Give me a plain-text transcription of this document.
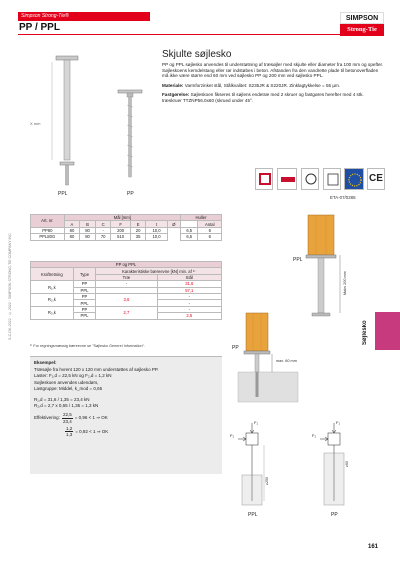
Simpson Strong-Tie®
PP / PPL
SIMPSON
Strong-Tie
X mm
PPL	PP
Skjulte søjlesko

PP og PPL søjlesko anvendes til understøtning af træsøjler med skjulte eller diameter fra 100 mm og opefter. Søjleskoens kerndelstang eller rør indstøbes i beton. Afstanden fra den vandrette plade til betonoverfladen må ikke være større end 60 mm ved søjlesko PP og 200 mm ved søjlesko PPL.

Materiale: Varmforzinket stål, Stålkvalitet: S235JR & S220JR. Zinklagtykkelse = 55 µm.

Fastgørelse: Søjleskoen fikseres til søjlens endetræ med 2 skruer og fastgøres herefter med 4 stk. træskruer TTZNP56.0x60 (skrued under 45°.

CE
ETA-07/0285
S-C-DK-2022 · © 2022 · SIMPSON STRONG-TIE COMPANY INC
Art. nr.	Mål [mm]							Huller	
	A	B	C	F	E	t	Ø		Antal
PP80	80	80	-	200	20	10,0		6,5	6
PPL80G	80	80	70	510	35	10,0		6,5	6
PP og PPL			
Kraftretning	Type	Karakteristiske bæreevne [kN] min. af ¹⁾	
		Træ	Stål
R₁,k	PP	-	31,6
	PPL		57,1
R₂,k	PP	3,6	-
	PPL		-
R₃,k	PP	2,7	-
	PPL		2,5
¹⁾ For regningsmæssig bæreevne se "Søjlesko Generel Information".
Eksempel:
Træsøjle fra hvrent 120 x 120 mm understøttes af søjlesko PP.
Laster: F₁,d = 22,5 kN og F₂,d = 1,2 kN
Søjleskoen anvendes udendørs,
Lastgruppe: Middel, k_mod = 0,65
R₁,d = 31,6 / 1,35 = 23,4 kN
R₂,d = 2,7 x 0,65 / 1,35 = 1,3 kN
Effektivering: $\frac{22,5}{23,4} = 0,96 < 1$ ⇒ OK
$\frac{1,2}{1,3} = 0,92 < 1$ ⇒ OK
PPL
Maks 200 mm
PP
max. 60 mm
F₁
F₂
≥250
F₁
F₂
≥60
PPL	PP
Søjlesko
161
